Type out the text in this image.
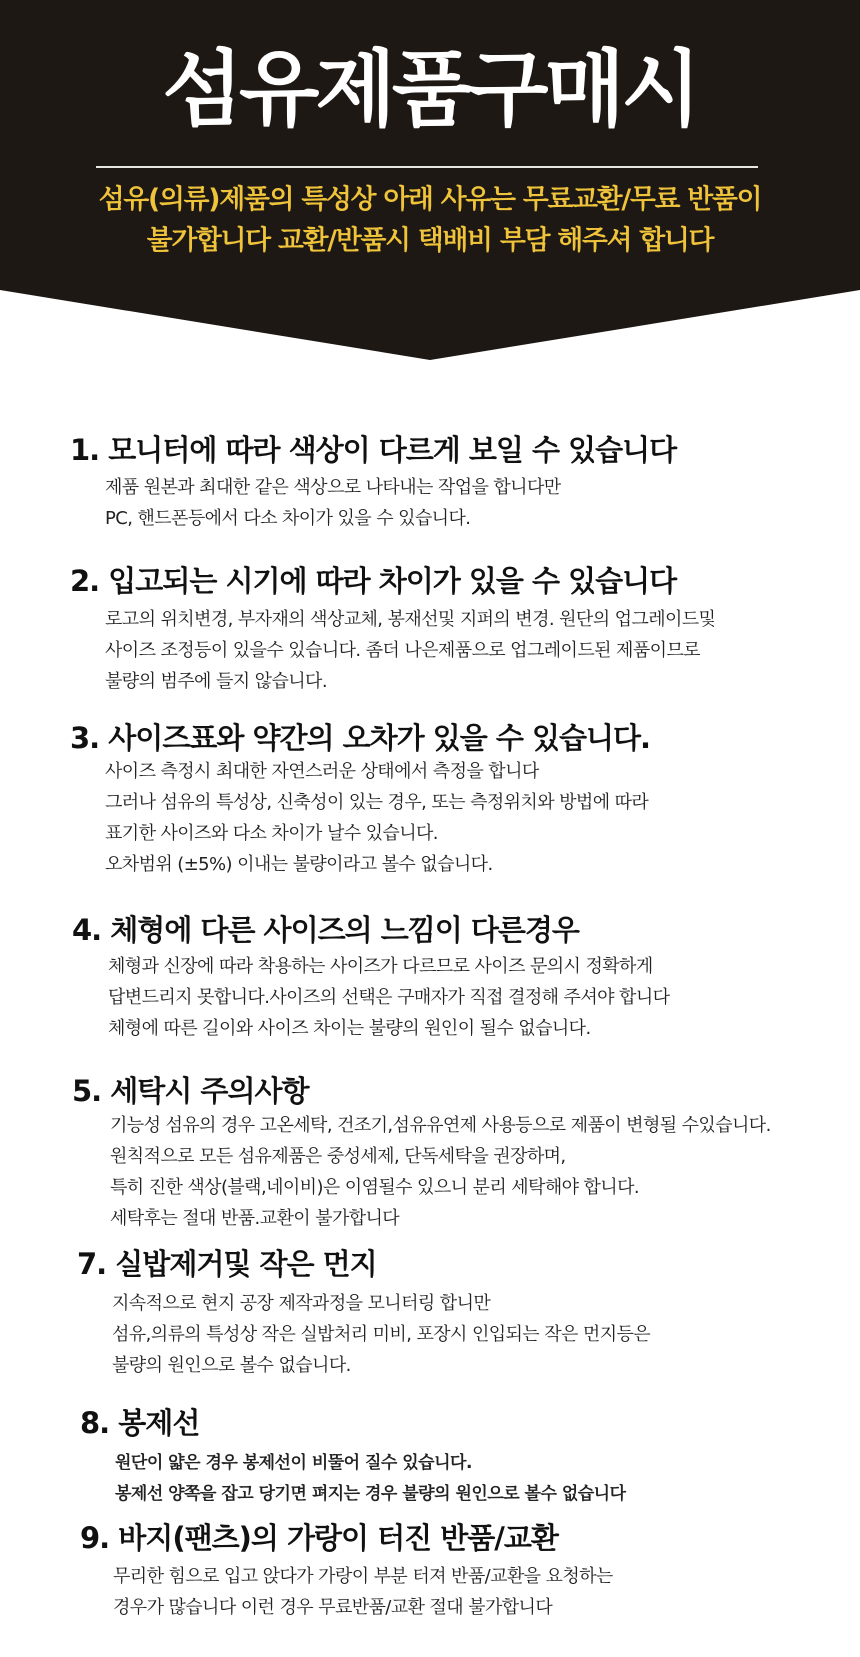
섬유제품구매시
섬유(의류)제품의 특성상 아래 사유는 무료교환/무료 반품이
불가합니다 교환/반품시 택배비 부담 해주셔 합니다
1. 모니터에 따라 색상이 다르게 보일 수 있습니다
제품 원본과 최대한 같은 색상으로 나타내는 작업을 합니다만
PC, 핸드폰등에서 다소 차이가 있을 수 있습니다.
2. 입고되는 시기에 따라 차이가 있을 수 있습니다
로고의 위치변경, 부자재의 색상교체, 봉재선및 지퍼의 변경. 원단의 업그레이드및
사이즈 조정등이 있을수 있습니다. 좀더 나은제품으로 업그레이드된 제품이므로
불량의 범주에 들지 않습니다.
3. 사이즈표와 약간의 오차가 있을 수 있습니다.
사이즈 측정시 최대한 자연스러운 상태에서 측정을 합니다
그러나 섬유의 특성상, 신축성이 있는 경우, 또는 측정위치와 방법에 따라
표기한 사이즈와 다소 차이가 날수 있습니다.
오차범위 (±5%) 이내는 불량이라고 볼수 없습니다.
4. 체형에 다른 사이즈의 느낌이 다른경우
체형과 신장에 따라 착용하는 사이즈가 다르므로 사이즈 문의시 정확하게
답변드리지 못합니다.사이즈의 선택은 구매자가 직접 결정해 주셔야 합니다
체형에 따른 길이와 사이즈 차이는 불량의 원인이 될수 없습니다.
5. 세탁시 주의사항
기능성 섬유의 경우 고온세탁, 건조기,섬유유연제 사용등으로 제품이 변형될 수있습니다.
원칙적으로 모든 섬유제품은 중성세제, 단독세탁을 권장하며,
특히 진한 색상(블랙,네이비)은 이염될수 있으니 분리 세탁해야 합니다.
세탁후는 절대 반품.교환이 불가합니다
7. 실밥제거및 작은 먼지
지속적으로 현지 공장 제작과정을 모니터링 합니만
섬유,의류의 특성상 작은 실밥처리 미비, 포장시 인입되는 작은 먼지등은
불량의 원인으로 볼수 없습니다.
8. 봉제선
원단이 얇은 경우 봉제선이 비뚤어 질수 있습니다.
봉제선 양쪽을 잡고 당기면 펴지는 경우 불량의 원인으로 볼수 없습니다
9. 바지(팬츠)의 가랑이 터진 반품/교환
무리한 힘으로 입고 앉다가 가랑이 부분 터져 반품/교환을 요청하는
경우가 많습니다 이런 경우 무료반품/교환 절대 불가합니다
